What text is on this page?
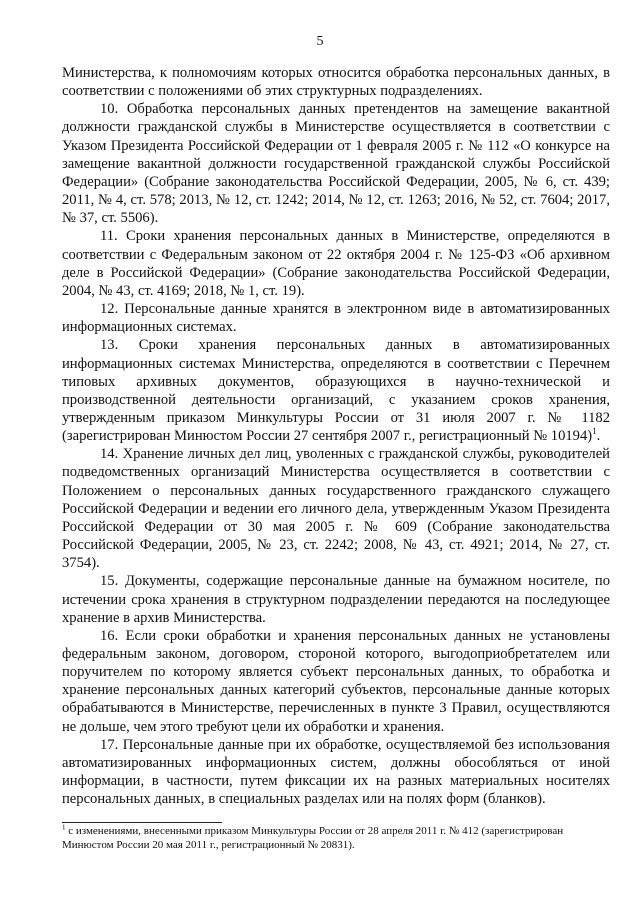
5

Министерства, к полномочиям которых относится обработка персональных данных, в соответствии с положениями об этих структурных подразделениях.

10. Обработка персональных данных претендентов на замещение вакантной должности гражданской службы в Министерстве осуществляется в соответствии с Указом Президента Российской Федерации от 1 февраля 2005 г. № 112 «О конкурсе на замещение вакантной должности государственной гражданской службы Российской Федерации» (Собрание законодательства Российской Федерации, 2005, № 6, ст. 439; 2011, № 4, ст. 578; 2013, № 12, ст. 1242; 2014, № 12, ст. 1263; 2016, № 52, ст. 7604; 2017, № 37, ст. 5506).

11. Сроки хранения персональных данных в Министерстве, определяются в соответствии с Федеральным законом от 22 октября 2004 г. № 125-ФЗ «Об архивном деле в Российской Федерации» (Собрание законодательства Российской Федерации, 2004, № 43, ст. 4169; 2018, № 1, ст. 19).

12. Персональные данные хранятся в электронном виде в автоматизированных информационных системах.

13. Сроки хранения персональных данных в автоматизированных информационных системах Министерства, определяются в соответствии с Перечнем типовых архивных документов, образующихся в научно-технической и производственной деятельности организаций, с указанием сроков хранения, утвержденным приказом Минкультуры России от 31 июля 2007 г. № 1182 (зарегистрирован Минюстом России 27 сентября 2007 г., регистрационный № 10194)$^1$.

14. Хранение личных дел лиц, уволенных с гражданской службы, руководителей подведомственных организаций Министерства осуществляется в соответствии с Положением о персональных данных государственного гражданского служащего Российской Федерации и ведении его личного дела, утвержденным Указом Президента Российской Федерации от 30 мая 2005 г. № 609 (Собрание законодательства Российской Федерации, 2005, № 23, ст. 2242; 2008, № 43, ст. 4921; 2014, № 27, ст. 3754).

15. Документы, содержащие персональные данные на бумажном носителе, по истечении срока хранения в структурном подразделении передаются на последующее хранение в архив Министерства.

16. Если сроки обработки и хранения персональных данных не установлены федеральным законом, договором, стороной которого, выгодоприобретателем или поручителем по которому является субъект персональных данных, то обработка и хранение персональных данных категорий субъектов, персональные данные которых обрабатываются в Министерстве, перечисленных в пункте 3 Правил, осуществляются не дольше, чем этого требуют цели их обработки и хранения.

17. Персональные данные при их обработке, осуществляемой без использования автоматизированных информационных систем, должны обособляться от иной информации, в частности, путем фиксации их на разных материальных носителях персональных данных, в специальных разделах или на полях форм (бланков).

$^1$ с изменениями, внесенными приказом Минкультуры России от 28 апреля 2011 г. № 412 (зарегистрирован Минюстом России 20 мая 2011 г., регистрационный № 20831).
